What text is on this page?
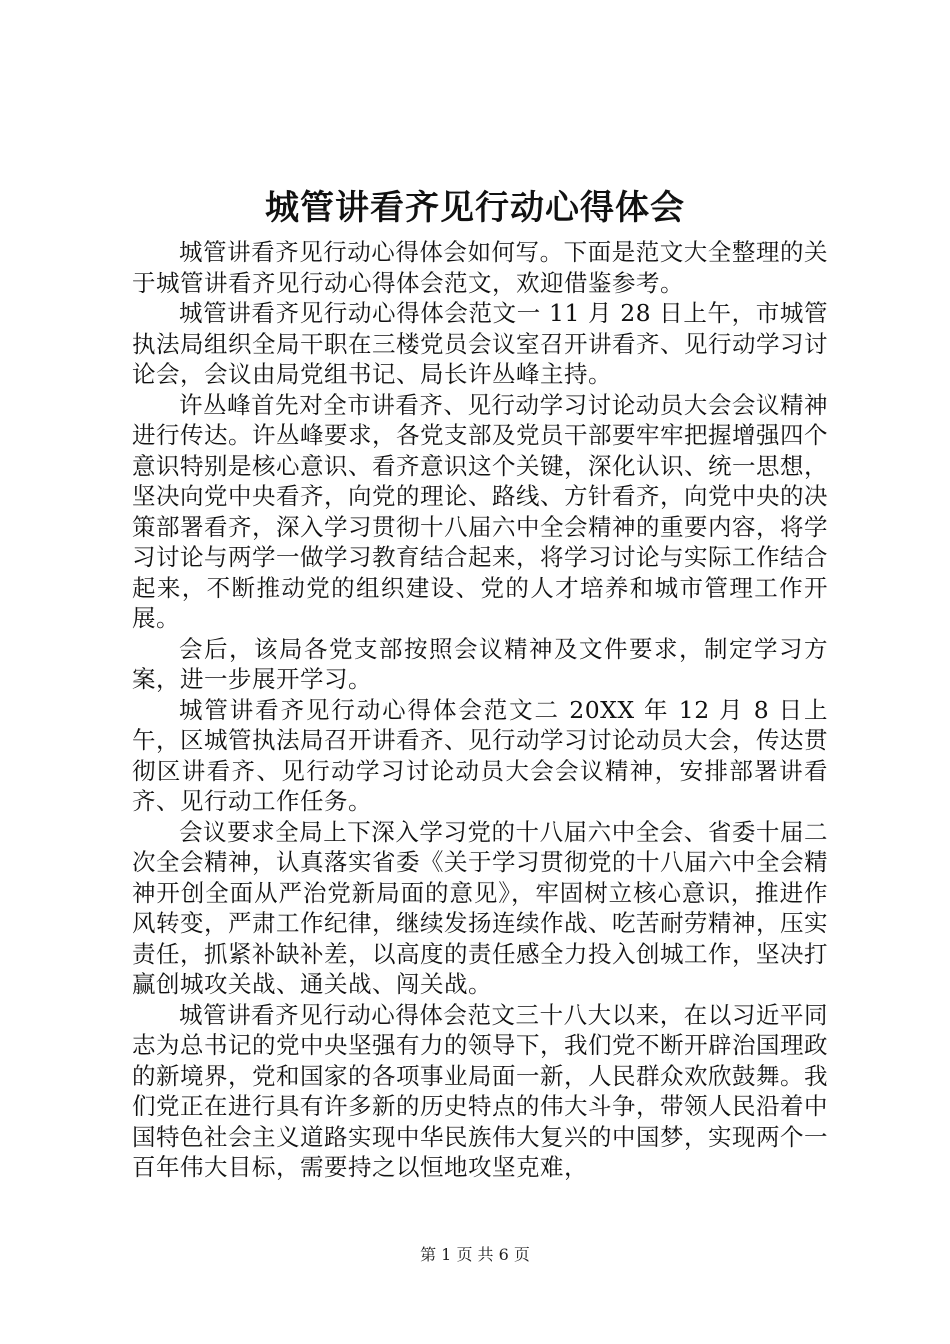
城管讲看齐见行动心得体会

城管讲看齐见行动心得体会如何写。下面是范文大全整理的关于城管讲看齐见行动心得体会范文，欢迎借鉴参考。

城管讲看齐见行动心得体会范文一 11 月 28 日上午，市城管执法局组织全局干职在三楼党员会议室召开讲看齐、见行动学习讨论会，会议由局党组书记、局长许丛峰主持。

许丛峰首先对全市讲看齐、见行动学习讨论动员大会会议精神进行传达。许丛峰要求，各党支部及党员干部要牢牢把握增强四个意识特别是核心意识、看齐意识这个关键，深化认识、统一思想，坚决向党中央看齐，向党的理论、路线、方针看齐，向党中央的决策部署看齐，深入学习贯彻十八届六中全会精神的重要内容，将学习讨论与两学一做学习教育结合起来，将学习讨论与实际工作结合起来，不断推动党的组织建设、党的人才培养和城市管理工作开展。

会后，该局各党支部按照会议精神及文件要求，制定学习方案，进一步展开学习。

城管讲看齐见行动心得体会范文二 20XX 年 12 月 8 日上午，区城管执法局召开讲看齐、见行动学习讨论动员大会，传达贯彻区讲看齐、见行动学习讨论动员大会会议精神，安排部署讲看齐、见行动工作任务。

会议要求全局上下深入学习党的十八届六中全会、省委十届二次全会精神，认真落实省委《关于学习贯彻党的十八届六中全会精神开创全面从严治党新局面的意见》，牢固树立核心意识，推进作风转变，严肃工作纪律，继续发扬连续作战、吃苦耐劳精神，压实责任，抓紧补缺补差，以高度的责任感全力投入创城工作，坚决打赢创城攻关战、通关战、闯关战。

城管讲看齐见行动心得体会范文三十八大以来，在以习近平同志为总书记的党中央坚强有力的领导下，我们党不断开辟治国理政的新境界，党和国家的各项事业局面一新，人民群众欢欣鼓舞。我们党正在进行具有许多新的历史特点的伟大斗争，带领人民沿着中国特色社会主义道路实现中华民族伟大复兴的中国梦，实现两个一百年伟大目标，需要持之以恒地攻坚克难，

第 1 页 共 6 页
